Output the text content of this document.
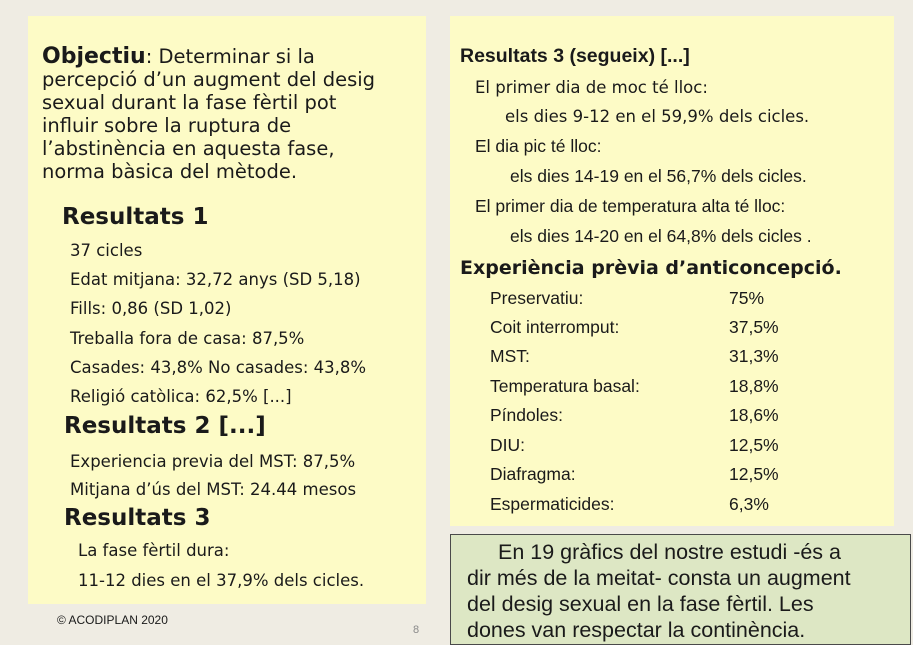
Objectiu: Determinar si la
percepció d’un augment del desig
sexual durant la fase fèrtil pot
influir sobre la ruptura de
l’abstinència en aquesta fase,
norma bàsica del mètode.
Resultats 1
37 cicles
Edat mitjana: 32,72 anys (SD 5,18)
Fills: 0,86 (SD 1,02)
Treballa fora de casa: 87,5%
Casades: 43,8% No casades: 43,8%
Religió catòlica: 62,5% [...]
Resultats 2 [...]
Experiencia previa del MST: 87,5%
Mitjana d’ús del MST: 24.44 mesos
Resultats 3
La fase fèrtil dura:
11-12 dies en el 37,9% dels cicles.
© ACODIPLAN 2020
8
Resultats 3 (segueix) [...]
El primer dia de moc té lloc:
els dies 9-12 en el 59,9% dels cicles.
El dia pic té lloc:
els dies 14-19 en el 56,7% dels cicles.
El primer dia de temperatura alta té lloc:
els dies 14-20 en el 64,8% dels cicles .
Experiència prèvia d’anticoncepció.
Preservatiu:	75%
Coit interromput:	37,5%
MST:	31,3%
Temperatura basal:	18,8%
Píndoles:	18,6%
DIU:	12,5%
Diafragma:	12,5%
Espermaticides:	6,3%
En 19 gràfics del nostre estudi -és a
dir més de la meitat- consta un augment
del desig sexual en la fase fèrtil. Les
dones van respectar la continència.
